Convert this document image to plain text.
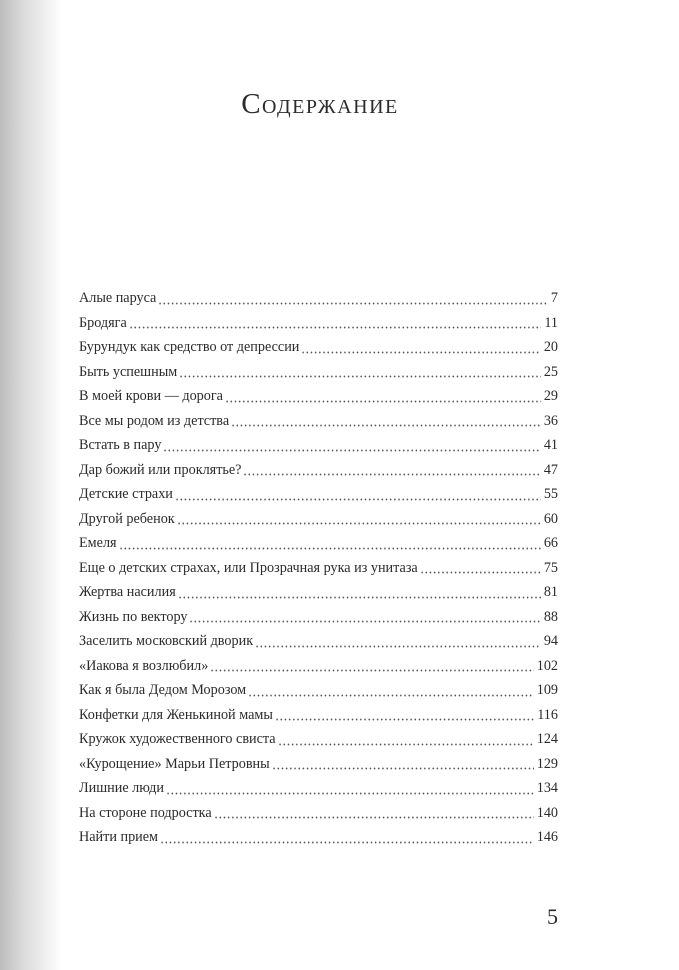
Содержание
Алые паруса	7
Бродяга	11
Бурундук как средство от депрессии	20
Быть успешным	25
В моей крови — дорога	29
Все мы родом из детства	36
Встать в пару	41
Дар божий или проклятье?	47
Детские страхи	55
Другой ребенок	60
Емеля	66
Еще о детских страхах, или Прозрачная рука из унитаза	75
Жертва насилия	81
Жизнь по вектору	88
Заселить московский дворик	94
«Иакова я возлюбил»	102
Как я была Дедом Морозом	109
Конфетки для Женькиной мамы	116
Кружок художественного свиста	124
«Курощение» Марьи Петровны	129
Лишние люди	134
На стороне подростка	140
Найти прием	146
5
